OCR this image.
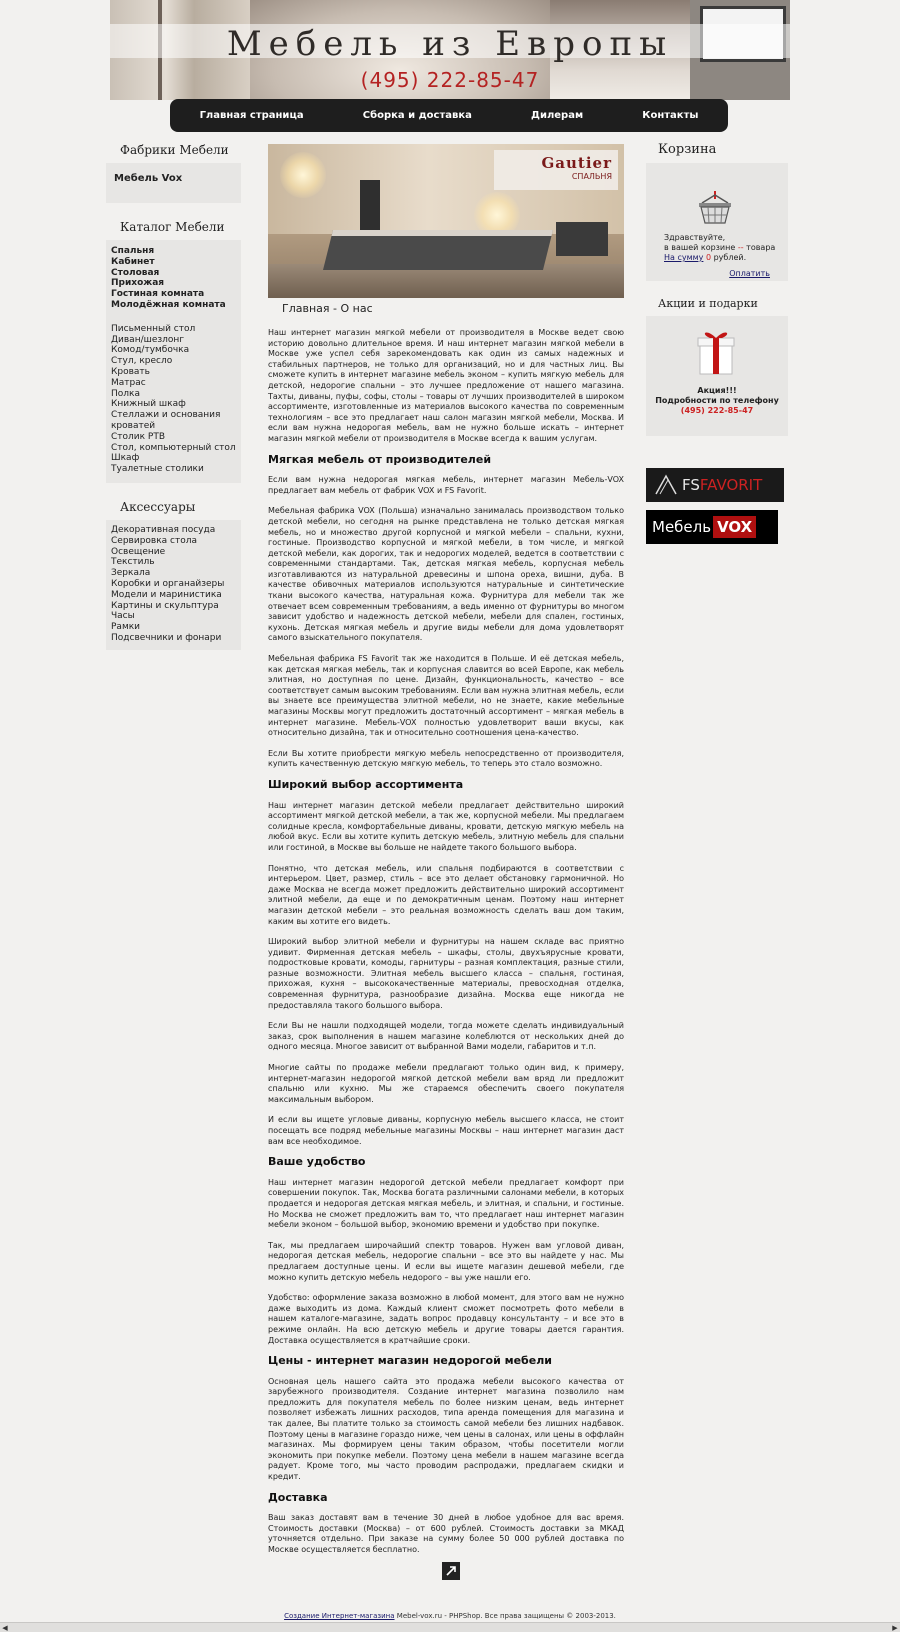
Мебель из Европы
(495) 222-85-47
Главная страница	Сборка и доставка	Дилерам	Контакты
Фабрики Мебели
Мебель Vox
Каталог Мебели
Спальня
Кабинет
Столовая
Прихожая
Гостиная комната
Молодёжная комната
Письменный стол
Диван/шезлонг
Комод/тумбочка
Стул, кресло
Кровать
Матрас
Полка
Книжный шкаф
Стеллажи и основания кроватей
Столик РТВ
Стол, компьютерный стол
Шкаф
Туалетные столики
Аксессуары
Декоративная посуда
Сервировка стола
Освещение
Текстиль
Зеркала
Коробки и органайзеры
Модели и маринистика
Картины и скульптура
Часы
Рамки
Подсвечники и фонари
Gautier
СПАЛЬНЯ
Главная - О нас

Наш интернет магазин мягкой мебели от производителя в Москве ведет свою историю довольно длительное время. И наш интернет магазин мягкой мебели в Москве уже успел себя зарекомендовать как один из самых надежных и стабильных партнеров, не только для организаций, но и для частных лиц. Вы сможете купить в интернет магазине мебель эконом – купить мягкую мебель для детской, недорогие спальни – это лучшее предложение от нашего магазина. Тахты, диваны, пуфы, софы, столы – товары от лучших производителей в широком ассортименте, изготовленные из материалов высокого качества по современным технологиям – все это предлагает наш салон магазин мягкой мебели, Москва. И если вам нужна недорогая мебель, вам не нужно больше искать – интернет магазин мягкой мебели от производителя в Москве всегда к вашим услугам.

Мягкая мебель от производителей

Если вам нужна недорогая мягкая мебель, интернет магазин Мебель-VOX предлагает вам мебель от фабрик VOX и FS Favorit.

Мебельная фабрика VOX (Польша) изначально занималась производством только детской мебели, но сегодня на рынке представлена не только детская мягкая мебель, но и множество другой корпусной и мягкой мебели – спальни, кухни, гостиные. Производство корпусной и мягкой мебели, в том числе, и мягкой детской мебели, как дорогих, так и недорогих моделей, ведется в соответствии с современными стандартами. Так, детская мягкая мебель, корпусная мебель изготавливаются из натуральной древесины и шпона ореха, вишни, дуба. В качестве обивочных материалов используются натуральные и синтетические ткани высокого качества, натуральная кожа. Фурнитура для мебели так же отвечает всем современным требованиям, а ведь именно от фурнитуры во многом зависит удобство и надежность детской мебели, мебели для спален, гостиных, кухонь. Детская мягкая мебель и другие виды мебели для дома удовлетворят самого взыскательного покупателя.

Мебельная фабрика FS Favorit так же находится в Польше. И её детская мебель, как детская мягкая мебель, так и корпусная славится во всей Европе, как мебель элитная, но доступная по цене. Дизайн, функциональность, качество – все соответствует самым высоким требованиям. Если вам нужна элитная мебель, если вы знаете все преимущества элитной мебели, но не знаете, какие мебельные магазины Москвы могут предложить достаточный ассортимент – мягкая мебель в интернет магазине. Мебель-VOX полностью удовлетворит ваши вкусы, как относительно дизайна, так и относительно соотношения цена-качество.

Если Вы хотите приобрести мягкую мебель непосредственно от производителя, купить качественную детскую мягкую мебель, то теперь это стало возможно.

Широкий выбор ассортимента

Наш интернет магазин детской мебели предлагает действительно широкий ассортимент мягкой детской мебели, а так же, корпусной мебели. Мы предлагаем солидные кресла, комфортабельные диваны, кровати, детскую мягкую мебель на любой вкус. Если вы хотите купить детскую мебель, элитную мебель для спальни или гостиной, в Москве вы больше не найдете такого большого выбора.

Понятно, что детская мебель, или спальня подбираются в соответствии с интерьером. Цвет, размер, стиль – все это делает обстановку гармоничной. Но даже Москва не всегда может предложить действительно широкий ассортимент элитной мебели, да еще и по демократичным ценам. Поэтому наш интернет магазин детской мебели – это реальная возможность сделать ваш дом таким, каким вы хотите его видеть.

Широкий выбор элитной мебели и фурнитуры на нашем складе вас приятно удивит. Фирменная детская мебель – шкафы, столы, двухъярусные кровати, подростковые кровати, комоды, гарнитуры – разная комплектация, разные стили, разные возможности. Элитная мебель высшего класса – спальня, гостиная, прихожая, кухня – высококачественные материалы, превосходная отделка, современная фурнитура, разнообразие дизайна. Москва еще никогда не предоставляла такого большого выбора.

Если Вы не нашли подходящей модели, тогда можете сделать индивидуальный заказ, срок выполнения в нашем магазине колеблются от нескольких дней до одного месяца. Многое зависит от выбранной Вами модели, габаритов и т.п.

Многие сайты по продаже мебели предлагают только один вид, к примеру, интернет-магазин недорогой мягкой детской мебели вам вряд ли предложит спальню или кухню. Мы же стараемся обеспечить своего покупателя максимальным выбором.

И если вы ищете угловые диваны, корпусную мебель высшего класса, не стоит посещать все подряд мебельные магазины Москвы – наш интернет магазин даст вам все необходимое.

Ваше удобство

Наш интернет магазин недорогой детской мебели предлагает комфорт при совершении покупок. Так, Москва богата различными салонами мебели, в которых продается и недорогая детская мягкая мебель, и элитная, и спальни, и гостиные. Но Москва не сможет предложить вам то, что предлагает наш интернет магазин мебели эконом – большой выбор, экономию времени и удобство при покупке.

Так, мы предлагаем широчайший спектр товаров. Нужен вам угловой диван, недорогая детская мебель, недорогие спальни – все это вы найдете у нас. Мы предлагаем доступные цены. И если вы ищете магазин дешевой мебели, где можно купить детскую мебель недорого – вы уже нашли его.

Удобство: оформление заказа возможно в любой момент, для этого вам не нужно даже выходить из дома. Каждый клиент сможет посмотреть фото мебели в нашем каталоге-магазине, задать вопрос продавцу консультанту – и все это в режиме онлайн. На всю детскую мебель и другие товары дается гарантия. Доставка осуществляется в кратчайшие сроки.

Цены - интернет магазин недорогой мебели

Основная цель нашего сайта это продажа мебели высокого качества от зарубежного производителя. Создание интернет магазина позволило нам предложить для покупателя мебель по более низким ценам, ведь интернет позволяет избежать лишних расходов, типа аренда помещения для магазина и так далее, Вы платите только за стоимость самой мебели без лишних надбавок. Поэтому цены в магазине гораздо ниже, чем цены в салонах, или цены в оффлайн магазинах. Мы формируем цены таким образом, чтобы посетители могли экономить при покупке мебели. Поэтому цена мебели в нашем магазине всегда радует. Кроме того, мы часто проводим распродажи, предлагаем скидки и кредит.

Доставка

Ваш заказ доставят вам в течение 30 дней в любое удобное для вас время. Стоимость доставки (Москва) – от 600 рублей. Стоимость доставки за МКАД уточняется отдельно. При заказе на сумму более 50 000 рублей доставка по Москве осуществляется бесплатно.

Корзина
Здравствуйте,
в вашей корзине -- товара
На сумму 0 рублей.
Оплатить
Акции и подарки
Акция!!!
Подробности по телефону
(495) 222-85-47
FS FAVORIT
Мебель VOX
Создание Интернет-магазина Mebel-vox.ru - PHPShop. Все права защищены © 2003-2013.
◀	▶
